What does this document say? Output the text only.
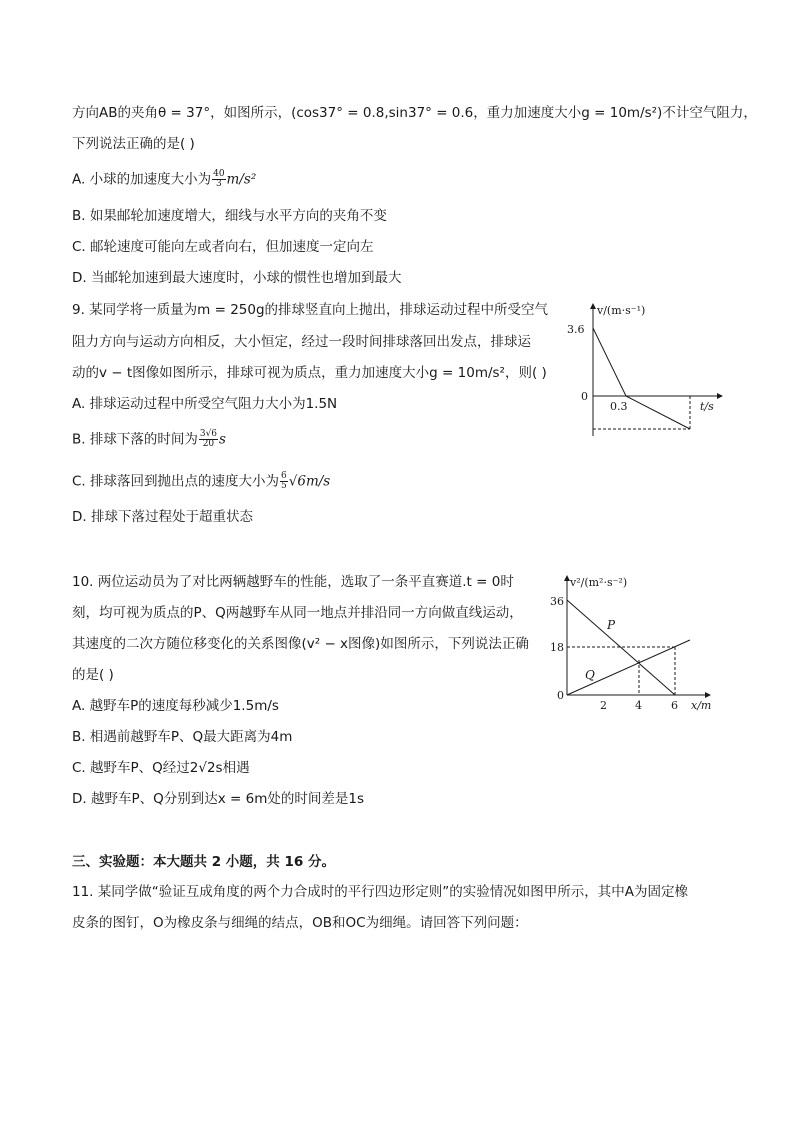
方向AB的夹角θ = 37°，如图所示，(cos37° = 0.8,sin37° = 0.6，重力加速度大小g = 10m/s²)不计空气阻力，
下列说法正确的是( )
A. 小球的加速度大小为 $\frac{40}{3} m/s^2$
B. 如果邮轮加速度增大，细线与水平方向的夹角不变
C. 邮轮速度可能向左或者向右，但加速度一定向左
D. 当邮轮加速到最大速度时，小球的惯性也增加到最大
9. 某同学将一质量为m = 250g的排球竖直向上抛出，排球运动过程中所受空气
阻力方向与运动方向相反，大小恒定，经过一段时间排球落回出发点，排球运
动的v − t图像如图所示，排球可视为质点，重力加速度大小g = 10m/s²，则( )
A. 排球运动过程中所受空气阻力大小为1.5N
B. 排球下落的时间为 $\frac{3√6}{20}$ s
C. 排球落回到抛出点的速度大小为 $\frac{6}{5} √6m/s$
D. 排球下落过程处于超重状态
v/(m·s⁻¹)
3.6
0
0.3	t/s
10. 两位运动员为了对比两辆越野车的性能，选取了一条平直赛道.t = 0时
刻，均可视为质点的P、Q两越野车从同一地点并排沿同一方向做直线运动，
其速度的二次方随位移变化的关系图像(v² − x图像)如图所示，下列说法正确
的是( )
A. 越野车P的速度每秒减少1.5m/s
B. 相遇前越野车P、Q最大距离为4m
C. 越野车P、Q经过2√2s相遇
D. 越野车P、Q分别到达x = 6m处的时间差是1s
v²/(m²·s⁻²)
36
18
0
2	4	6 x/m
P
Q
三、实验题：本大题共 2 小题，共 16 分。
11. 某同学做“验证互成角度的两个力合成时的平行四边形定则”的实验情况如图甲所示，其中A为固定橡
皮条的图钉，O为橡皮条与细绳的结点，OB和OC为细绳。请回答下列问题：
